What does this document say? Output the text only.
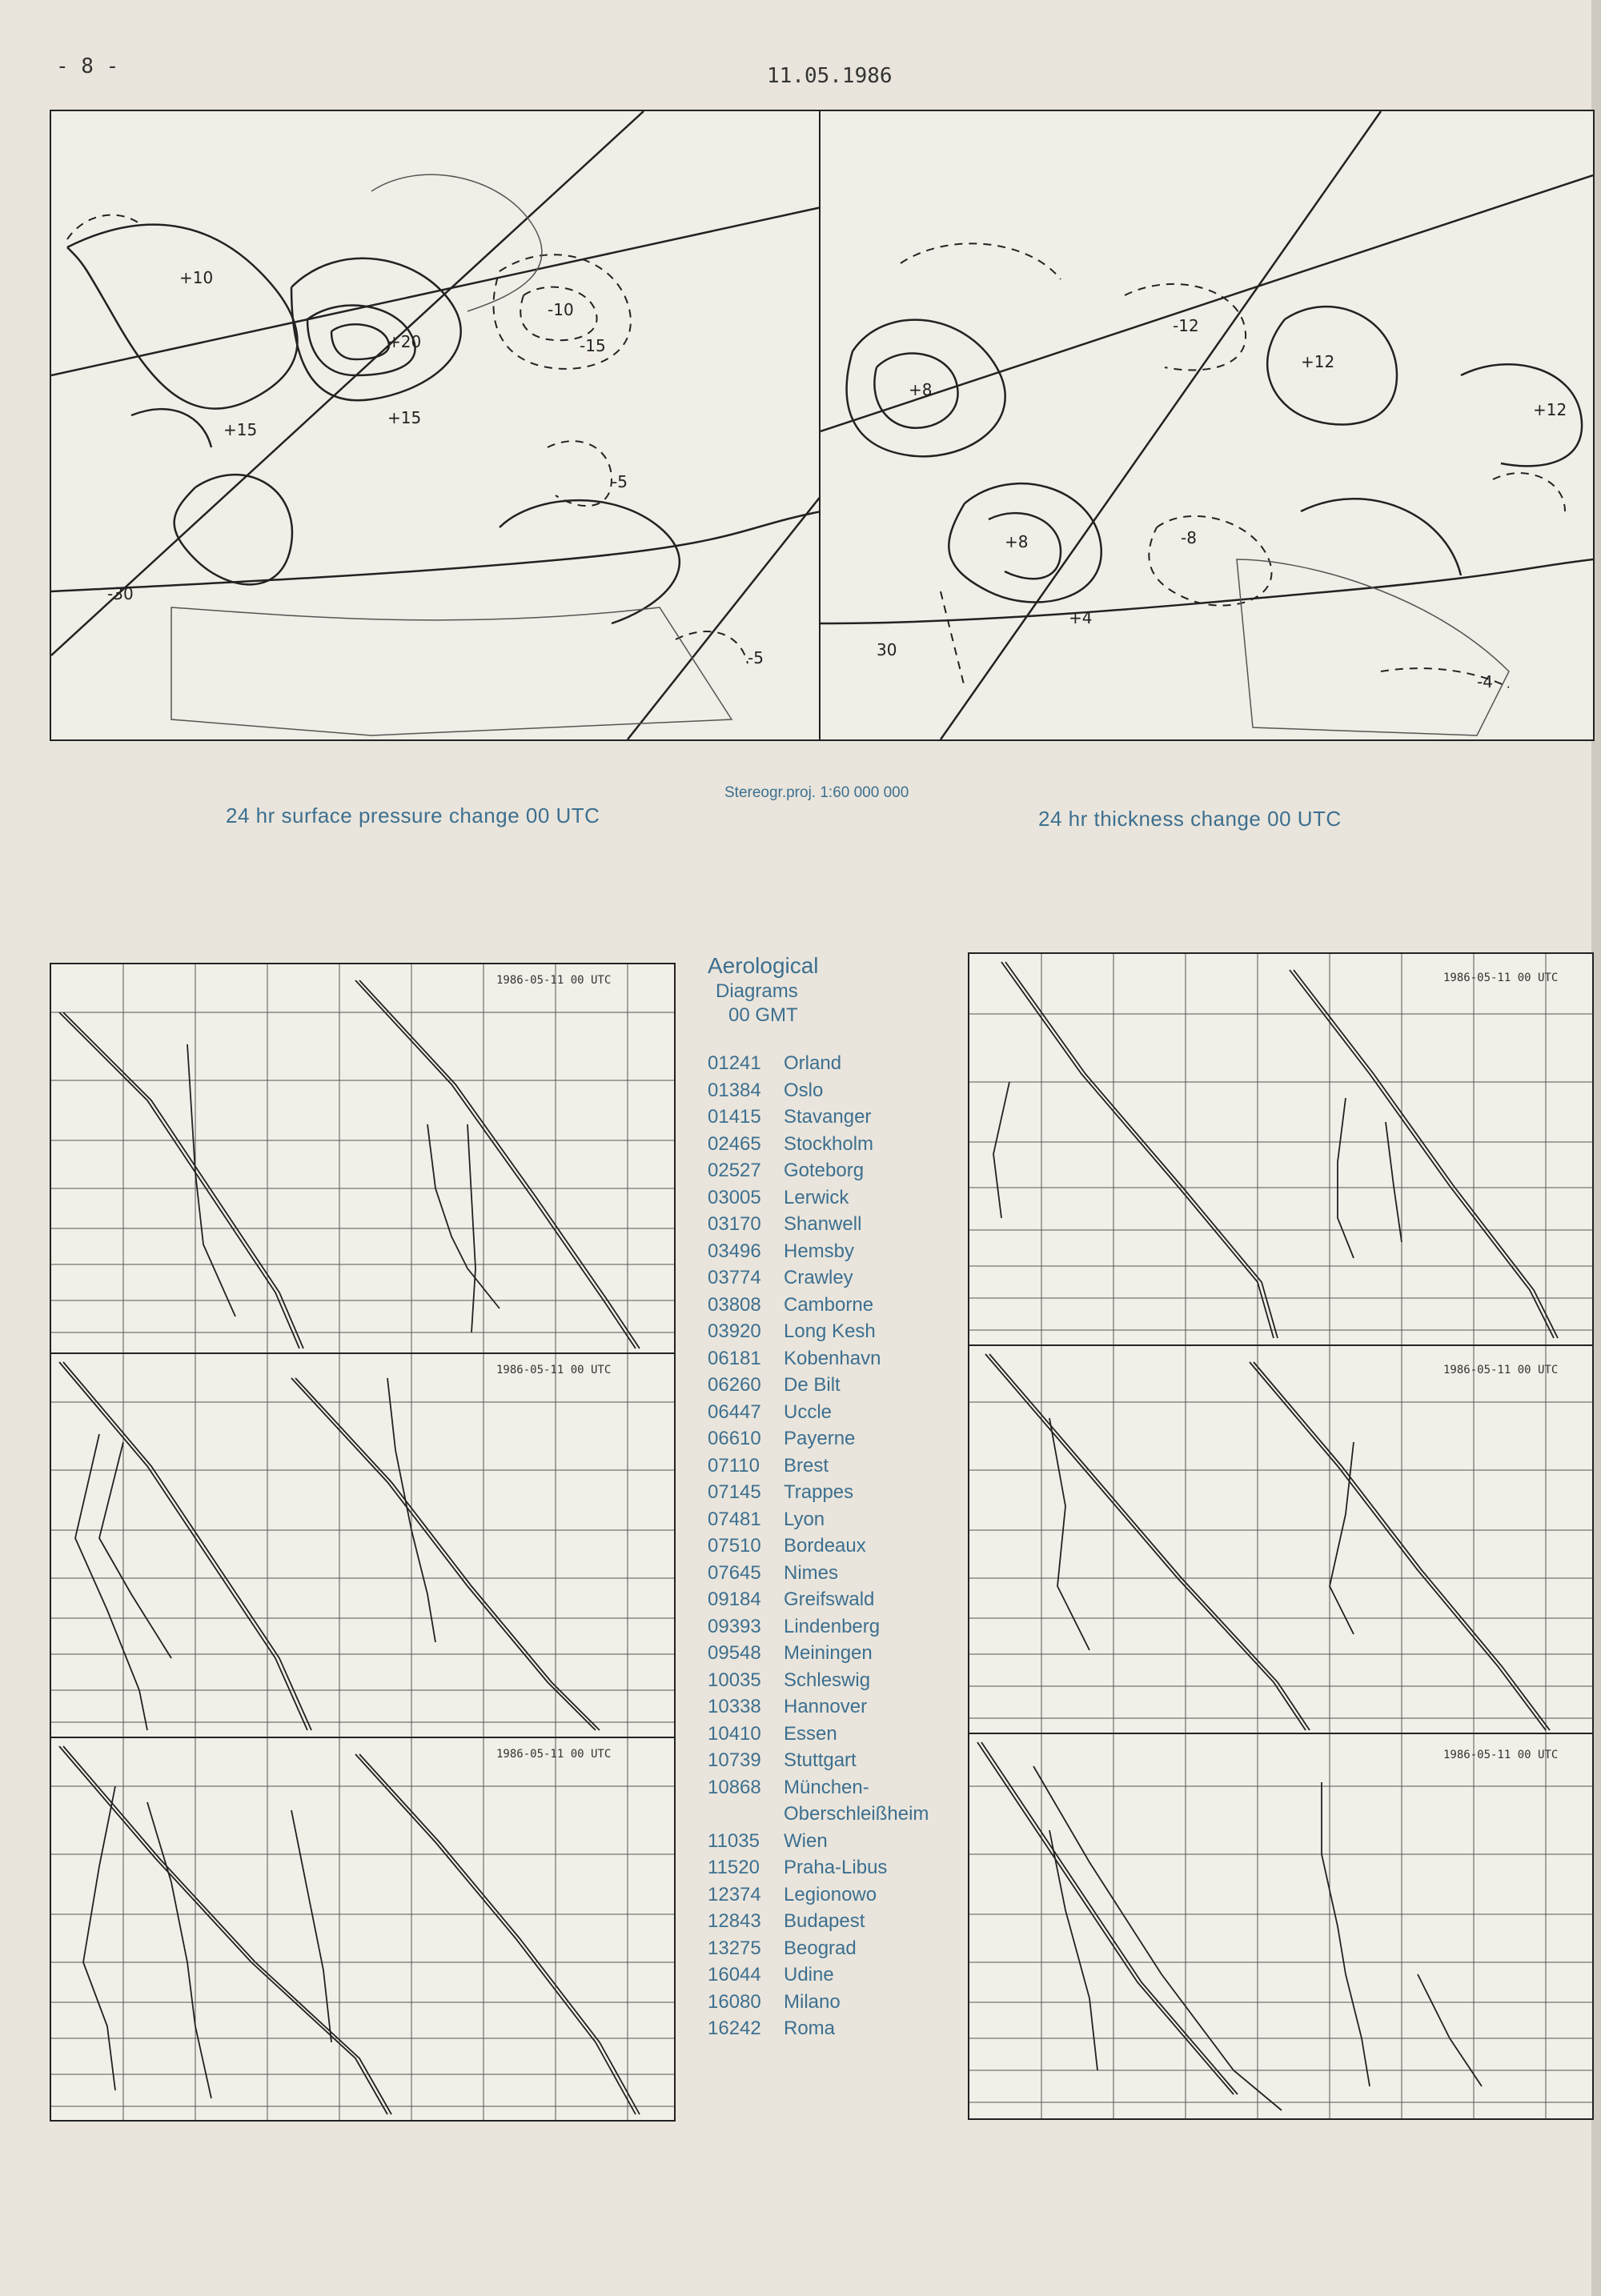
- 8 -	11.05.1986
+10
+20
+15
-10
-15
-30
+15
-5
-5
+8
+8
+12
+12
-8
-12
30
-4
+4
Stereogr.proj. 1:60 000 000
24 hr surface pressure change 00 UTC	24 hr thickness change 00 UTC
1986-05-11 00 UTC
1986-05-11 00 UTC
1986-05-11 00 UTC
1986-05-11 00 UTC
1986-05-11 00 UTC
1986-05-11 00 UTC
Aerological
Diagrams
00 GMT
01241	Orland
01384	Oslo
01415	Stavanger
02465	Stockholm
02527	Goteborg
03005	Lerwick
03170	Shanwell
03496	Hemsby
03774	Crawley
03808	Camborne
03920	Long Kesh
06181	Kobenhavn
06260	De Bilt
06447	Uccle
06610	Payerne
07110	Brest
07145	Trappes
07481	Lyon
07510	Bordeaux
07645	Nimes
09184	Greifswald
09393	Lindenberg
09548	Meiningen
10035	Schleswig
10338	Hannover
10410	Essen
10739	Stuttgart
10868	München-
Oberschleißheim
11035	Wien
11520	Praha-Libus
12374	Legionowo
12843	Budapest
13275	Beograd
16044	Udine
16080	Milano
16242	Roma
